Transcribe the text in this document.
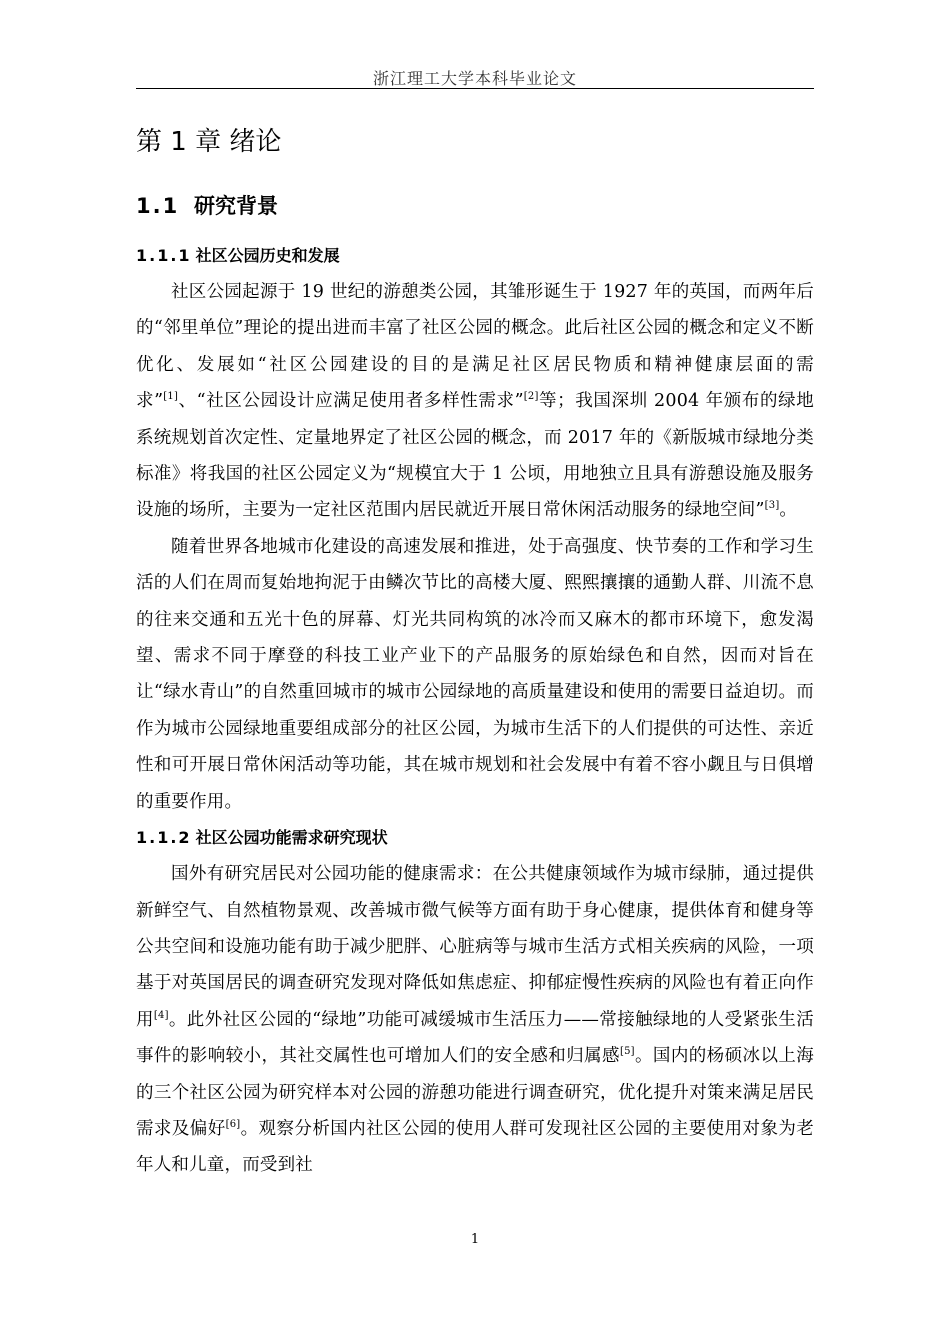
浙江理工大学本科毕业论文
第 1 章 绪论
1.1 研究背景
1.1.1 社区公园历史和发展

社区公园起源于 19 世纪的游憩类公园，其雏形诞生于 1927 年的英国，而两年后的“邻里单位”理论的提出进而丰富了社区公园的概念。此后社区公园的概念和定义不断优化、发展如“社区公园建设的目的是满足社区居民物质和精神健康层面的需求”[1]、“社区公园设计应满足使用者多样性需求”[2]等；我国深圳 2004 年颁布的绿地系统规划首次定性、定量地界定了社区公园的概念，而 2017 年的《新版城市绿地分类标准》将我国的社区公园定义为“规模宜大于 1 公顷，用地独立且具有游憩设施及服务设施的场所，主要为一定社区范围内居民就近开展日常休闲活动服务的绿地空间”[3]。

随着世界各地城市化建设的高速发展和推进，处于高强度、快节奏的工作和学习生活的人们在周而复始地拘泥于由鳞次节比的高楼大厦、熙熙攘攘的通勤人群、川流不息的往来交通和五光十色的屏幕、灯光共同构筑的冰冷而又麻木的都市环境下，愈发渴望、需求不同于摩登的科技工业产业下的产品服务的原始绿色和自然，因而对旨在让“绿水青山”的自然重回城市的城市公园绿地的高质量建设和使用的需要日益迫切。而作为城市公园绿地重要组成部分的社区公园，为城市生活下的人们提供的可达性、亲近性和可开展日常休闲活动等功能，其在城市规划和社会发展中有着不容小觑且与日俱增的重要作用。

1.1.2 社区公园功能需求研究现状

国外有研究居民对公园功能的健康需求：在公共健康领域作为城市绿肺，通过提供新鲜空气、自然植物景观、改善城市微气候等方面有助于身心健康，提供体育和健身等公共空间和设施功能有助于减少肥胖、心脏病等与城市生活方式相关疾病的风险，一项基于对英国居民的调查研究发现对降低如焦虑症、抑郁症慢性疾病的风险也有着正向作用[4]。此外社区公园的“绿地”功能可减缓城市生活压力——常接触绿地的人受紧张生活事件的影响较小，其社交属性也可增加人们的安全感和归属感[5]。国内的杨硕冰以上海的三个社区公园为研究样本对公园的游憩功能进行调查研究，优化提升对策来满足居民需求及偏好[6]。观察分析国内社区公园的使用人群可发现社区公园的主要使用对象为老年人和儿童，而受到社

1
